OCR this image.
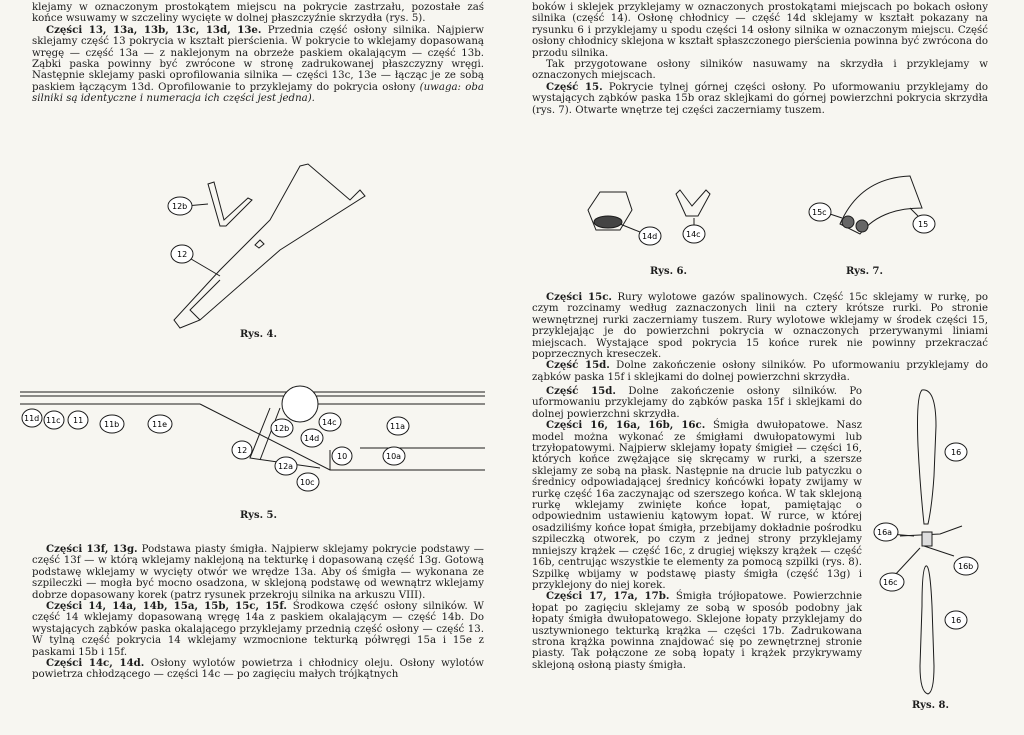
klejamy w oznaczonym prostokątem miejscu na pokrycie zastrzału, pozostałe zaś końce wsuwamy w szczeliny wycięte w dolnej płaszczyźnie skrzydła (rys. 5).

Części 13, 13a, 13b, 13c, 13d, 13e. Przednia część osłony silnika. Najpierw sklejamy część 13 pokrycia w kształt pierścienia. W pokrycie to wklejamy dopasowaną wręgę — część 13a — z naklejonym na obrzeże paskiem okalającym — część 13b. Ząbki paska powinny być zwrócone w stronę zadrukowanej płaszczyzny wręgi. Następnie sklejamy paski oprofilowania silnika — części 13c, 13e — łącząc je ze sobą paskiem łączącym 13d. Oprofilowanie to przyklejamy do pokrycia osłony (uwaga: oba silniki są identyczne i numeracja ich części jest jedna).

12b
12
Rys. 4.
11d 11c 11	11b	11e	12b
14d
14c	11a
12
12a
10
10c
10a
Rys. 5.

Części 13f, 13g. Podstawa piasty śmigła. Najpierw sklejamy pokrycie podstawy — część 13f — w którą wklejamy naklejoną na tekturkę i dopasowaną część 13g. Gotową podstawę wklejamy w wycięty otwór we wrędze 13a. Aby oś śmigła — wykonana ze szpileczki — mogła być mocno osadzona, w sklejoną podstawę od wewnątrz wklejamy dobrze dopasowany korek (patrz rysunek przekroju silnika na arkuszu VIII).

Części 14, 14a, 14b, 15a, 15b, 15c, 15f. Środkowa część osłony silników. W część 14 wklejamy dopasowaną wręgę 14a z paskiem okalającym — część 14b. Do wystających ząbków paska okalającego przyklejamy przednią część osłony — część 13. W tylną część pokrycia 14 wklejamy wzmocnione tekturką półwręgi 15a i 15e z paskami 15b i 15f.

Części 14c, 14d. Osłony wylotów powietrza i chłodnicy oleju. Osłony wylotów powietrza chłodzącego — części 14c — po zagięciu małych trójkątnych

boków i sklejek przyklejamy w oznaczonych prostokątami miejscach po bokach osłony silnika (część 14). Osłonę chłodnicy — część 14d sklejamy w kształt pokazany na rysunku 6 i przyklejamy u spodu części 14 osłony silnika w oznaczonym miejscu. Część osłony chłodnicy sklejona w kształt spłaszczonego pierścienia powinna być zwrócona do przodu silnika.

Tak przygotowane osłony silników nasuwamy na skrzydła i przyklejamy w oznaczonych miejscach.

Część 15. Pokrycie tylnej górnej części osłony. Po uformowaniu przyklejamy do wystających ząbków paska 15b oraz sklejkami do górnej powierzchni pokrycia skrzydła (rys. 7). Otwarte wnętrze tej części zaczerniamy tuszem.

14d	14c
Rys. 6.
15c
15
Rys. 7.

Części 15c. Rury wylotowe gazów spalinowych. Część 15c sklejamy w rurkę, po czym rozcinamy według zaznaczonych linii na cztery krótsze rurki. Po stronie wewnętrznej rurki zaczerniamy tuszem. Rury wylotowe wklejamy w środek części 15, przyklejając je do powierzchni pokrycia w oznaczonych przerywanymi liniami miejscach. Wystające spod pokrycia 15 końce rurek nie powinny przekraczać poprzecznych kreseczek.

Część 15d. Dolne zakończenie osłony silników. Po uformowaniu przyklejamy do ząbków paska 15f i sklejkami do dolnej powierzchni skrzydła.

Część 15d. Dolne zakończenie osłony silników. Po uformowaniu przyklejamy do ząbków paska 15f i sklejkami do dolnej powierzchni skrzydła.

Części 16, 16a, 16b, 16c. Śmigła dwułopatowe. Nasz model można wykonać ze śmigłami dwułopatowymi lub trzyłopatowymi. Najpierw sklejamy łopaty śmigieł — części 16, których końce zwężające się skręcamy w rurki, a szersze sklejamy ze sobą na płask. Następnie na drucie lub patyczku o średnicy odpowiadającej średnicy końcówki łopaty zwijamy w rurkę część 16a zaczynając od szerszego końca. W tak sklejoną rurkę wklejamy zwinięte końce łopat, pamiętając o odpowiednim ustawieniu kątowym łopat. W rurce, w której osadziliśmy końce łopat śmigła, przebijamy dokładnie pośrodku szpileczką otworek, po czym z jednej strony przyklejamy mniejszy krążek — część 16c, z drugiej większy krążek — część 16b, centrując wszystkie te elementy za pomocą szpilki (rys. 8). Szpilkę wbijamy w podstawę piasty śmigła (część 13g) i przyklejony do niej korek.

Części 17, 17a, 17b. Śmigła trójłopatowe. Powierzchnie łopat po zagięciu sklejamy ze sobą w sposób podobny jak łopaty śmigła dwułopatowego. Sklejone łopaty przyklejamy do usztywnionego tekturką krążka — części 17b. Zadrukowana strona krążka powinna znajdować się po zewnętrznej stronie piasty. Tak połączone ze sobą łopaty i krążek przykrywamy sklejoną osłoną piasty śmigła.

16
16a
16b
16c
16
Rys. 8.
